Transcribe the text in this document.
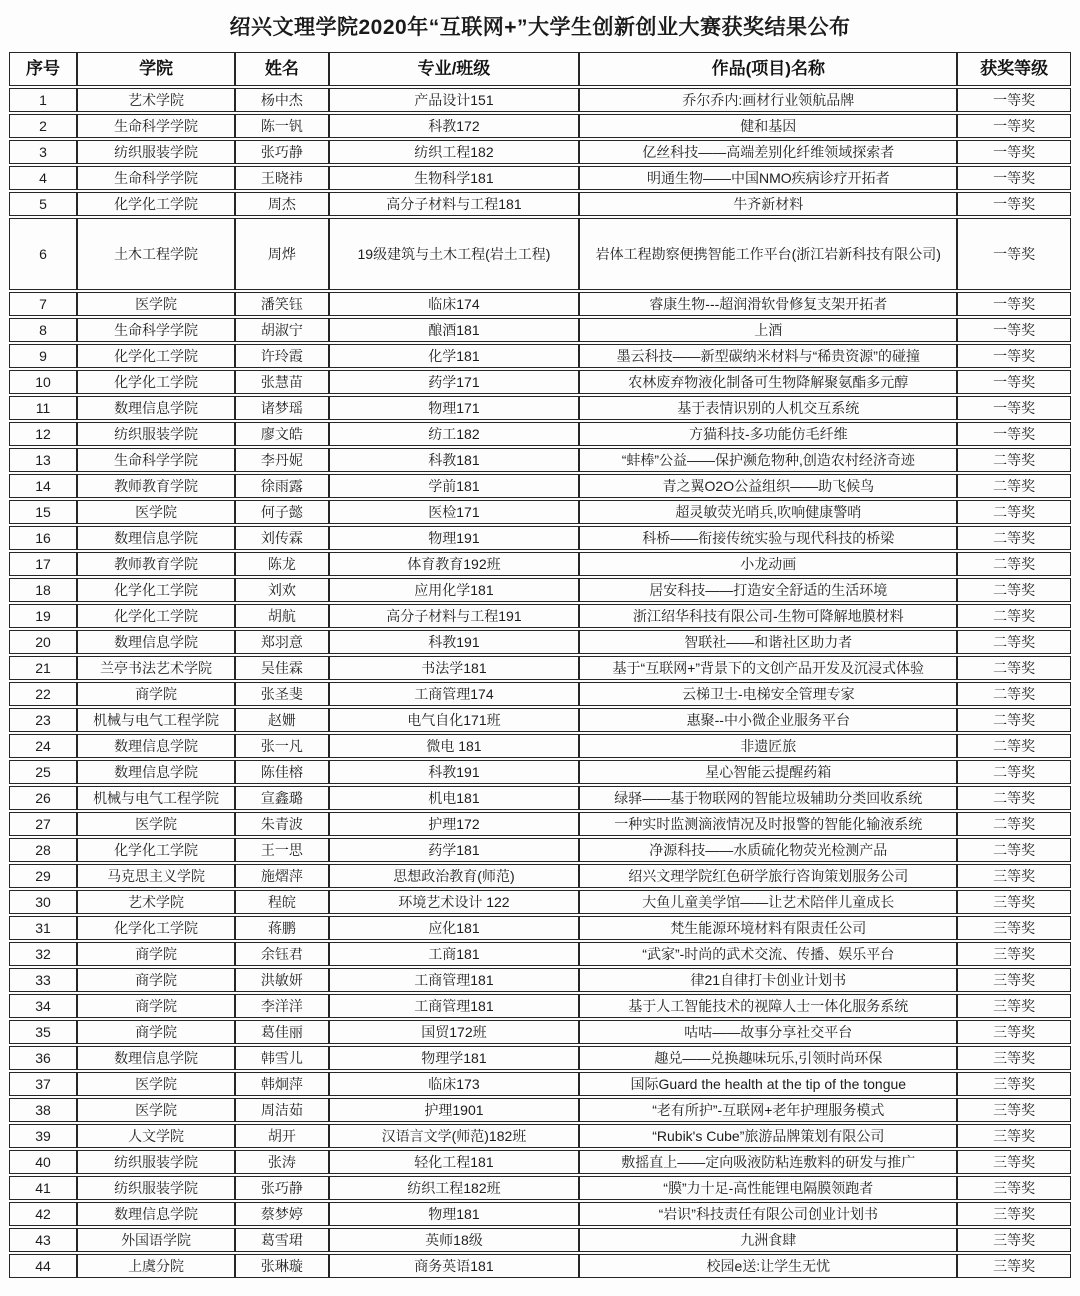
绍兴文理学院2020年“互联网+”大学生创新创业大赛获奖结果公布
序号	学院	姓名	专业/班级	作品(项目)名称	获奖等级
1	艺术学院	杨中杰	产品设计151	乔尔乔内:画材行业领航品牌	一等奖
2	生命科学学院	陈一钒	科教172	健和基因	一等奖
3	纺织服装学院	张巧静	纺织工程182	亿丝科技——高端差别化纤维领域探索者	一等奖
4	生命科学学院	王晓祎	生物科学181	明通生物——中国NMO疾病诊疗开拓者	一等奖
5	化学化工学院	周杰	高分子材料与工程181	牛齐新材料	一等奖
6	土木工程学院	周烨	19级建筑与土木工程(岩土工程)	岩体工程勘察便携智能工作平台(浙江岩新科技有限公司)	一等奖
7	医学院	潘笑钰	临床174	睿康生物---超润滑软骨修复支架开拓者	一等奖
8	生命科学学院	胡淑宁	酿酒181	上酒	一等奖
9	化学化工学院	许玲霞	化学181	墨云科技——新型碳纳米材料与“稀贵资源”的碰撞	一等奖
10	化学化工学院	张慧苗	药学171	农林废弃物液化制备可生物降解聚氨酯多元醇	一等奖
11	数理信息学院	诸梦瑶	物理171	基于表情识别的人机交互系统	一等奖
12	纺织服装学院	廖文皓	纺工182	方猫科技-多功能仿毛纤维	一等奖
13	生命科学学院	李丹妮	科教181	“蚌棒”公益——保护濒危物种,创造农村经济奇迹	二等奖
14	教师教育学院	徐雨露	学前181	青之翼O2O公益组织——助飞候鸟	二等奖
15	医学院	何子懿	医检171	超灵敏荧光哨兵,吹响健康警哨	二等奖
16	数理信息学院	刘传霖	物理191	科桥——衔接传统实验与现代科技的桥梁	二等奖
17	教师教育学院	陈龙	体育教育192班	小龙动画	二等奖
18	化学化工学院	刘欢	应用化学181	居安科技——打造安全舒适的生活环境	二等奖
19	化学化工学院	胡航	高分子材料与工程191	浙江绍华科技有限公司-生物可降解地膜材料	二等奖
20	数理信息学院	郑羽意	科教191	智联社——和谐社区助力者	二等奖
21	兰亭书法艺术学院	吴佳霖	书法学181	基于“互联网+”背景下的文创产品开发及沉浸式体验	二等奖
22	商学院	张圣斐	工商管理174	云梯卫士-电梯安全管理专家	二等奖
23	机械与电气工程学院	赵姗	电气自化171班	惠聚--中小微企业服务平台	二等奖
24	数理信息学院	张一凡	微电 181	非遗匠旅	二等奖
25	数理信息学院	陈佳榕	科教191	星心智能云提醒药箱	二等奖
26	机械与电气工程学院	宣鑫璐	机电181	绿驿——基于物联网的智能垃圾辅助分类回收系统	二等奖
27	医学院	朱青波	护理172	一种实时监测滴液情况及时报警的智能化输液系统	二等奖
28	化学化工学院	王一思	药学181	净源科技——水质硫化物荧光检测产品	二等奖
29	马克思主义学院	施熠萍	思想政治教育(师范)	绍兴文理学院红色研学旅行咨询策划服务公司	三等奖
30	艺术学院	程皖	环境艺术设计 122	大鱼儿童美学馆——让艺术陪伴儿童成长	三等奖
31	化学化工学院	蒋鹏	应化181	梵生能源环境材料有限责任公司	三等奖
32	商学院	余钰君	工商181	“武家”-时尚的武术交流、传播、娱乐平台	三等奖
33	商学院	洪敏妍	工商管理181	律21自律打卡创业计划书	三等奖
34	商学院	李洋洋	工商管理181	基于人工智能技术的视障人士一体化服务系统	三等奖
35	商学院	葛佳丽	国贸172班	咕咕——故事分享社交平台	三等奖
36	数理信息学院	韩雪儿	物理学181	趣兑——兑换趣味玩乐,引领时尚环保	三等奖
37	医学院	韩炯萍	临床173	国际Guard the health at the tip of the tongue	三等奖
38	医学院	周洁茹	护理1901	“老有所护”-互联网+老年护理服务模式	三等奖
39	人文学院	胡开	汉语言文学(师范)182班	“Rubik's Cube”旅游品牌策划有限公司	三等奖
40	纺织服装学院	张涛	轻化工程181	敷摇直上——定向吸液防粘连敷料的研发与推广	三等奖
41	纺织服装学院	张巧静	纺织工程182班	“膜”力十足-高性能锂电隔膜领跑者	三等奖
42	数理信息学院	蔡梦婷	物理181	“岩识”科技责任有限公司创业计划书	三等奖
43	外国语学院	葛雪珺	英师18级	九洲食肆	三等奖
44	上虞分院	张琳璇	商务英语181	校园e送:让学生无忧	三等奖
